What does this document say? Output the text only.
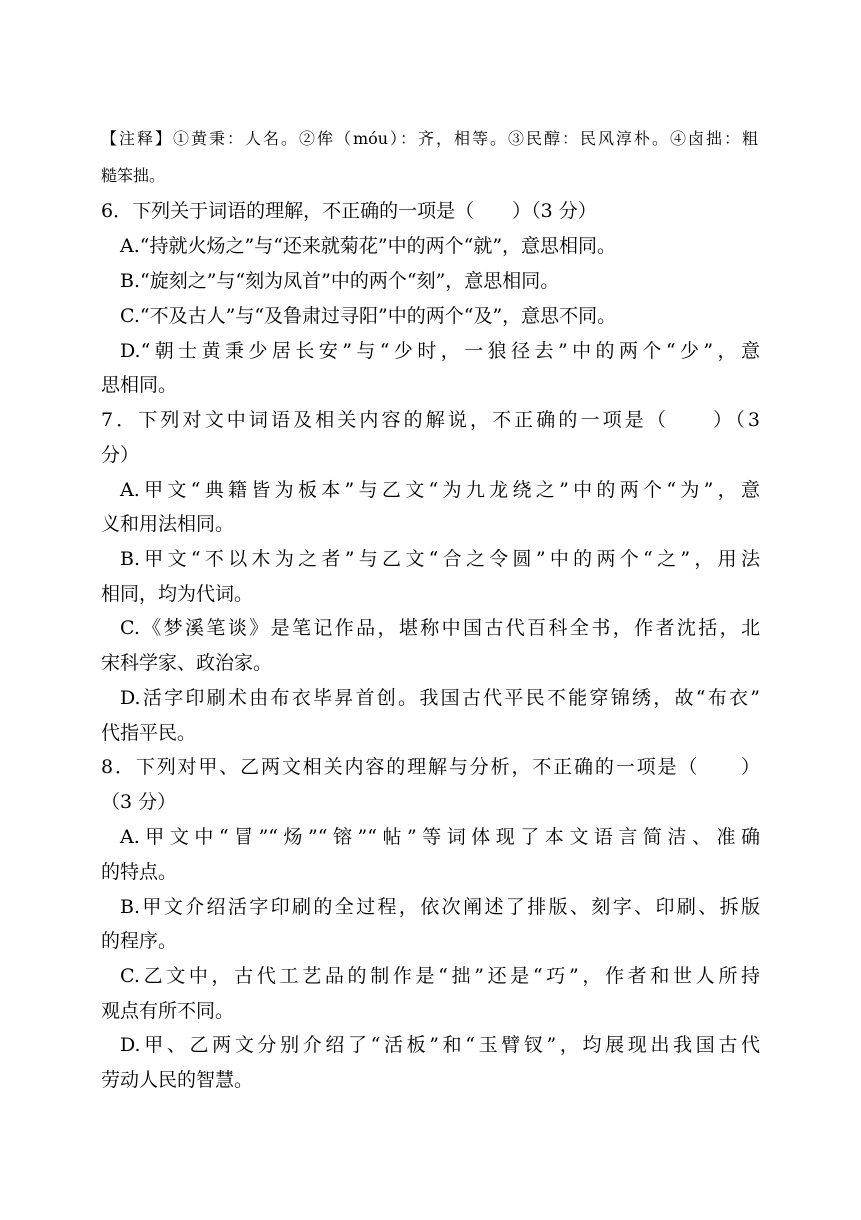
【注释】①黄秉：人名。②侔（móu）：齐，相等。③民醇：民风淳朴。④卤拙：粗
糙笨拙。
6．下列关于词语的理解，不正确的一项是（　　）（3 分）
A.“持就火炀之”与“还来就菊花”中的两个“就”，意思相同。
B.“旋刻之”与“刻为凤首”中的两个“刻”，意思相同。
C.“不及古人”与“及鲁肃过寻阳”中的两个“及”，意思不同。
D.“朝士黄秉少居长安”与“少时，一狼径去”中的两个“少”，意
思相同。
7．下列对文中词语及相关内容的解说，不正确的一项是（　　）（3
分）
A.甲文“典籍皆为板本”与乙文“为九龙绕之”中的两个“为”，意
义和用法相同。
B.甲文“不以木为之者”与乙文“合之令圆”中的两个“之”，用法
相同，均为代词。
C.《梦溪笔谈》是笔记作品，堪称中国古代百科全书，作者沈括，北
宋科学家、政治家。
D.活字印刷术由布衣毕昇首创。我国古代平民不能穿锦绣，故“布衣”
代指平民。
8．下列对甲、乙两文相关内容的理解与分析，不正确的一项是（　　）
（3 分）
A.甲文中“冒”“炀”“镕”“帖”等词体现了本文语言简洁、准确
的特点。
B.甲文介绍活字印刷的全过程，依次阐述了排版、刻字、印刷、拆版
的程序。
C.乙文中，古代工艺品的制作是“拙”还是“巧”，作者和世人所持
观点有所不同。
D.甲、乙两文分别介绍了“活板”和“玉臂钗”，均展现出我国古代
劳动人民的智慧。
